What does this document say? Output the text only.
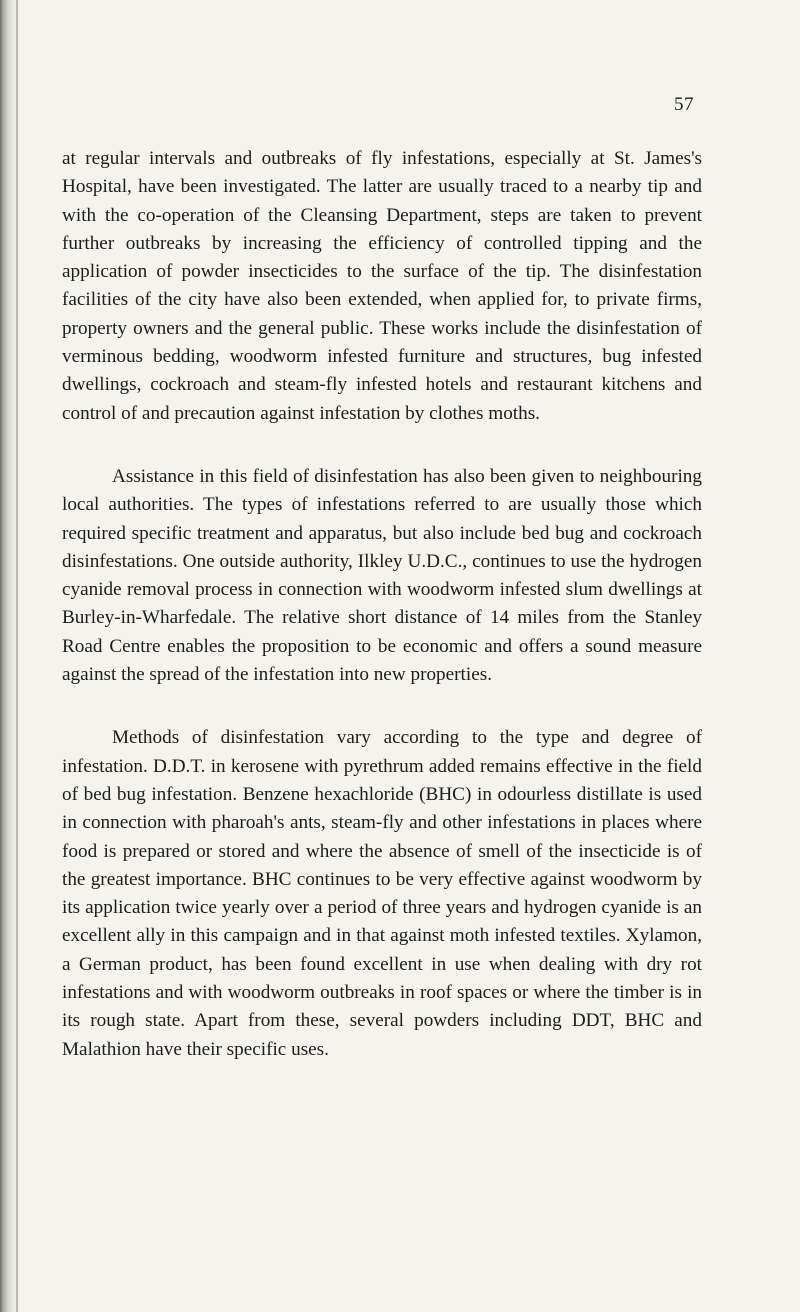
57

at regular intervals and outbreaks of fly infestations, especially at St. James's Hospital, have been investigated. The latter are usually traced to a nearby tip and with the co-operation of the Cleansing Department, steps are taken to prevent further outbreaks by increasing the efficiency of controlled tipping and the application of powder insecticides to the surface of the tip. The disinfestation facilities of the city have also been extended, when applied for, to private firms, property owners and the general public. These works include the disinfestation of verminous bedding, woodworm infested furniture and structures, bug infested dwellings, cockroach and steam-fly infested hotels and restaurant kitchens and control of and precaution against infestation by clothes moths.

Assistance in this field of disinfestation has also been given to neighbouring local authorities. The types of infestations referred to are usually those which required specific treatment and apparatus, but also include bed bug and cockroach disinfestations. One outside authority, Ilkley U.D.C., continues to use the hydrogen cyanide removal process in connection with woodworm infested slum dwellings at Burley-in-Wharfedale. The relative short distance of 14 miles from the Stanley Road Centre enables the proposition to be economic and offers a sound measure against the spread of the infestation into new properties.

Methods of disinfestation vary according to the type and degree of infestation. D.D.T. in kerosene with pyrethrum added remains effective in the field of bed bug infestation. Benzene hexachloride (BHC) in odourless distillate is used in connection with pharoah's ants, steam-fly and other infestations in places where food is prepared or stored and where the absence of smell of the insecticide is of the greatest importance. BHC continues to be very effective against woodworm by its application twice yearly over a period of three years and hydrogen cyanide is an excellent ally in this campaign and in that against moth infested textiles. Xylamon, a German product, has been found excellent in use when dealing with dry rot infestations and with woodworm outbreaks in roof spaces or where the timber is in its rough state. Apart from these, several powders including DDT, BHC and Malathion have their specific uses.
